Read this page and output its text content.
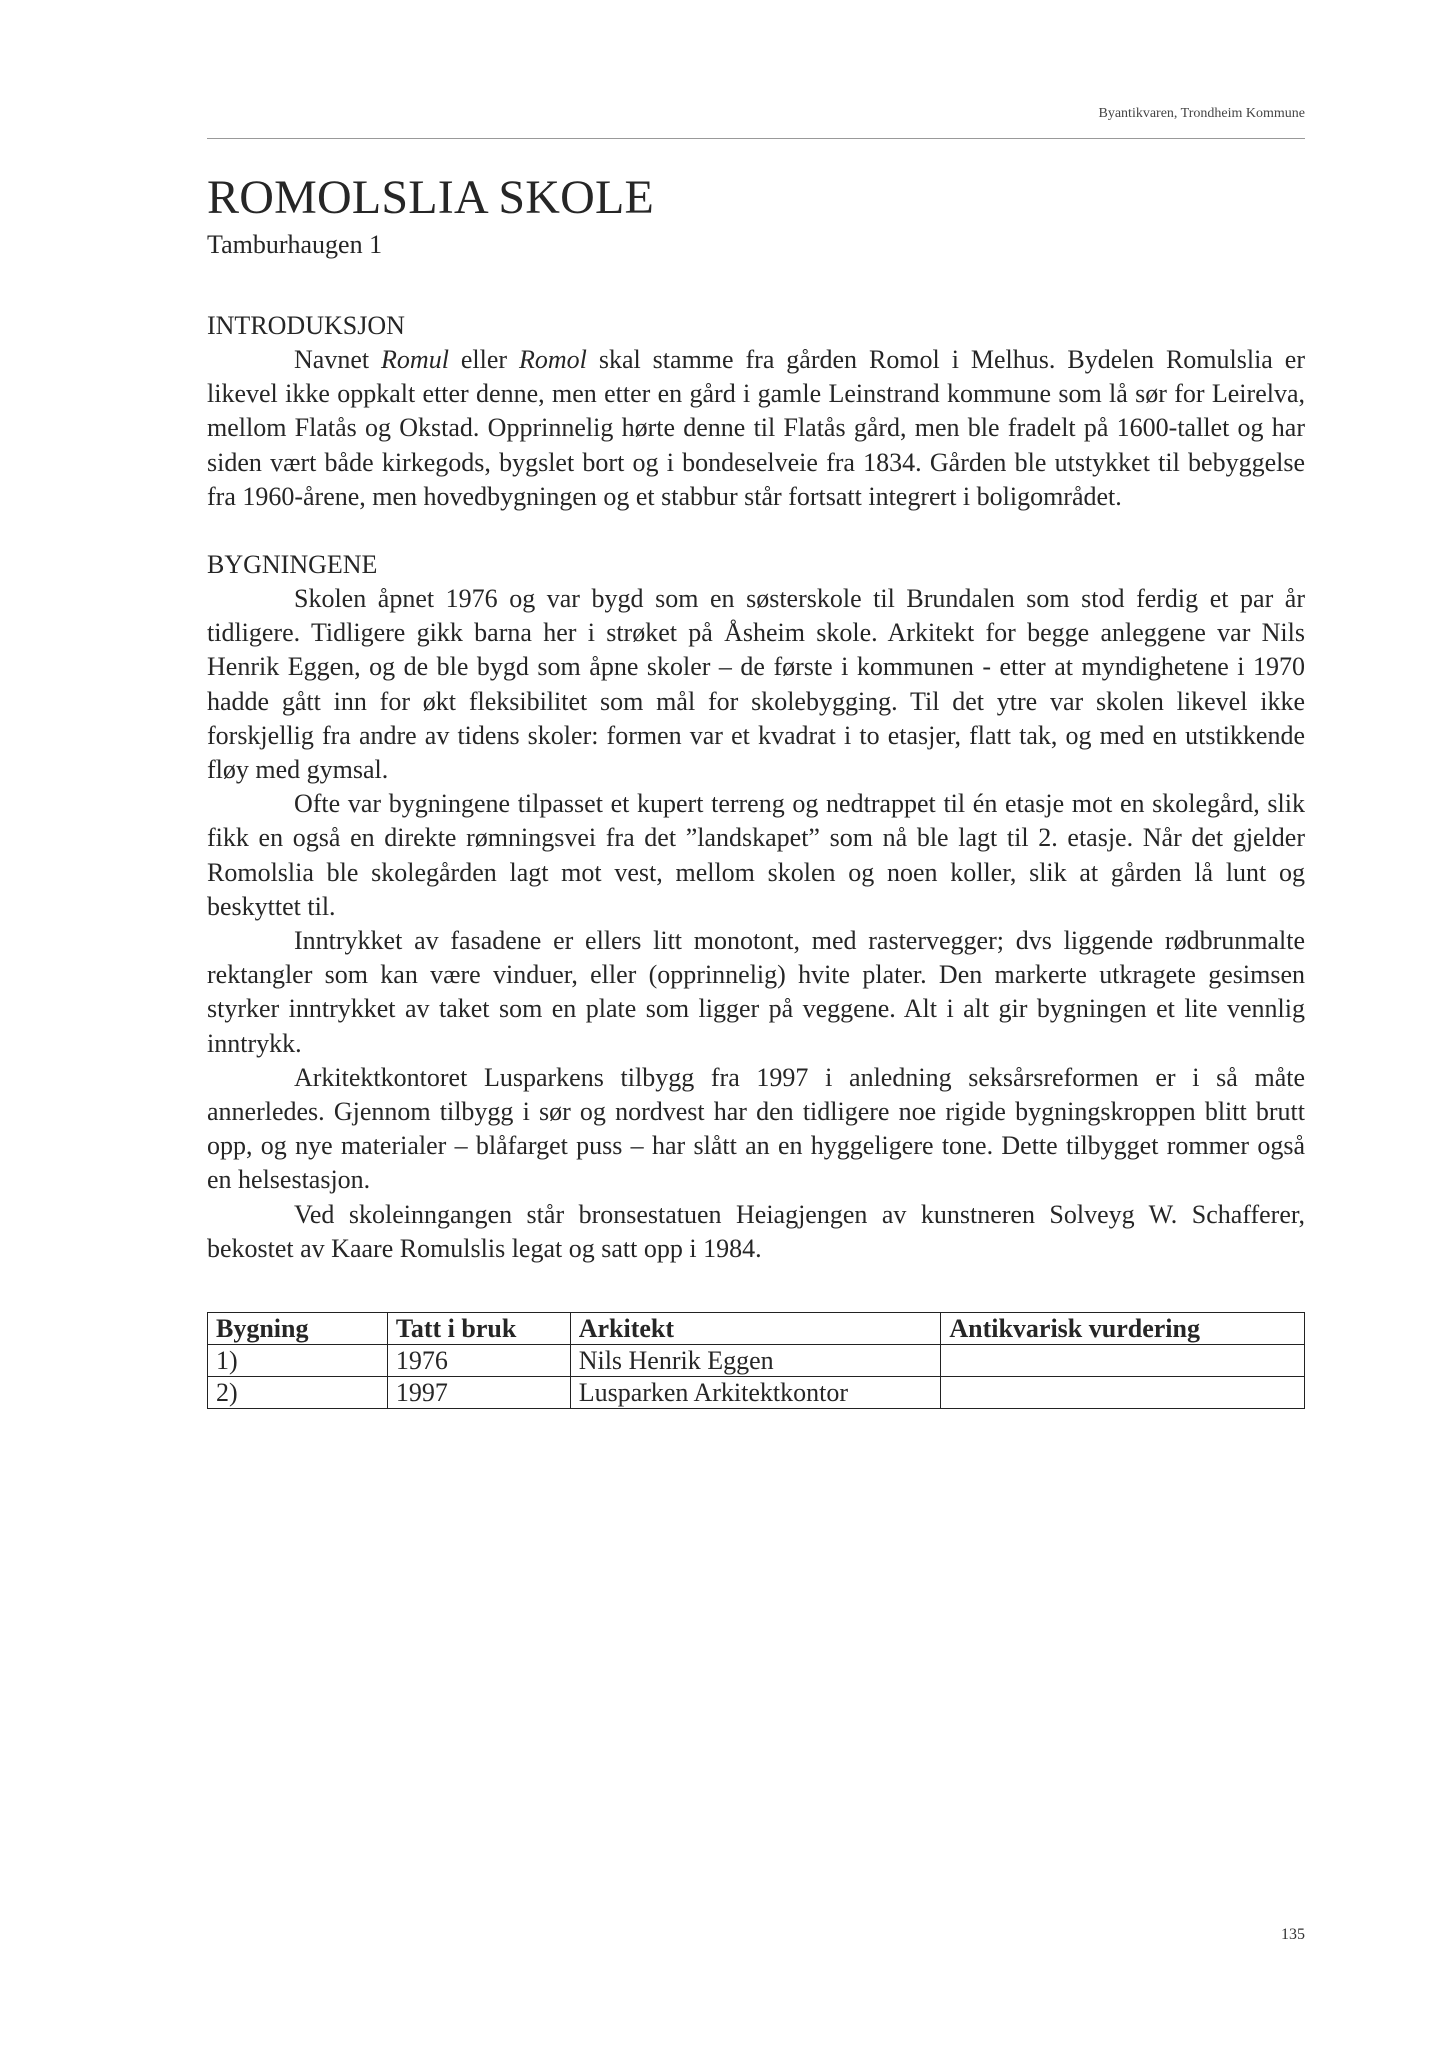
Byantikvaren, Trondheim Kommune
ROMOLSLIA SKOLE
Tamburhaugen 1
INTRODUKSJON

Navnet Romul eller Romol skal stamme fra gården Romol i Melhus. Bydelen Romulslia er likevel ikke oppkalt etter denne, men etter en gård i gamle Leinstrand kommune som lå sør for Leirelva, mellom Flatås og Okstad. Opprinnelig hørte denne til Flatås gård, men ble fradelt på 1600-tallet og har siden vært både kirkegods, bygslet bort og i bondeselveie fra 1834. Gården ble utstykket til bebyggelse fra 1960-årene, men hovedbygningen og et stabbur står fortsatt integrert i boligområdet.

BYGNINGENE

Skolen åpnet 1976 og var bygd som en søsterskole til Brundalen som stod ferdig et par år tidligere. Tidligere gikk barna her i strøket på Åsheim skole. Arkitekt for begge anleggene var Nils Henrik Eggen, og de ble bygd som åpne skoler – de første i kommunen - etter at myndighetene i 1970 hadde gått inn for økt fleksibilitet som mål for skolebygging. Til det ytre var skolen likevel ikke forskjellig fra andre av tidens skoler: formen var et kvadrat i to etasjer, flatt tak, og med en utstikkende fløy med gymsal.

Ofte var bygningene tilpasset et kupert terreng og nedtrappet til én etasje mot en skolegård, slik fikk en også en direkte rømningsvei fra det ”landskapet” som nå ble lagt til 2. etasje. Når det gjelder Romolslia ble skolegården lagt mot vest, mellom skolen og noen koller, slik at gården lå lunt og beskyttet til.

Inntrykket av fasadene er ellers litt monotont, med rastervegger; dvs liggende rødbrunmalte rektangler som kan være vinduer, eller (opprinnelig) hvite plater. Den markerte utkragete gesimsen styrker inntrykket av taket som en plate som ligger på veggene. Alt i alt gir bygningen et lite vennlig inntrykk.

Arkitektkontoret Lusparkens tilbygg fra 1997 i anledning seksårsreformen er i så måte annerledes. Gjennom tilbygg i sør og nordvest har den tidligere noe rigide bygningskroppen blitt brutt opp, og nye materialer – blåfarget puss – har slått an en hyggeligere tone. Dette tilbygget rommer også en helsestasjon.

Ved skoleinngangen står bronsestatuen Heiagjengen av kunstneren Solveyg W. Schafferer, bekostet av Kaare Romulslis legat og satt opp i 1984.

Bygning	Tatt i bruk	Arkitekt	Antikvarisk vurdering
1)	1976	Nils Henrik Eggen	
2)	1997	Lusparken Arkitektkontor	
135
